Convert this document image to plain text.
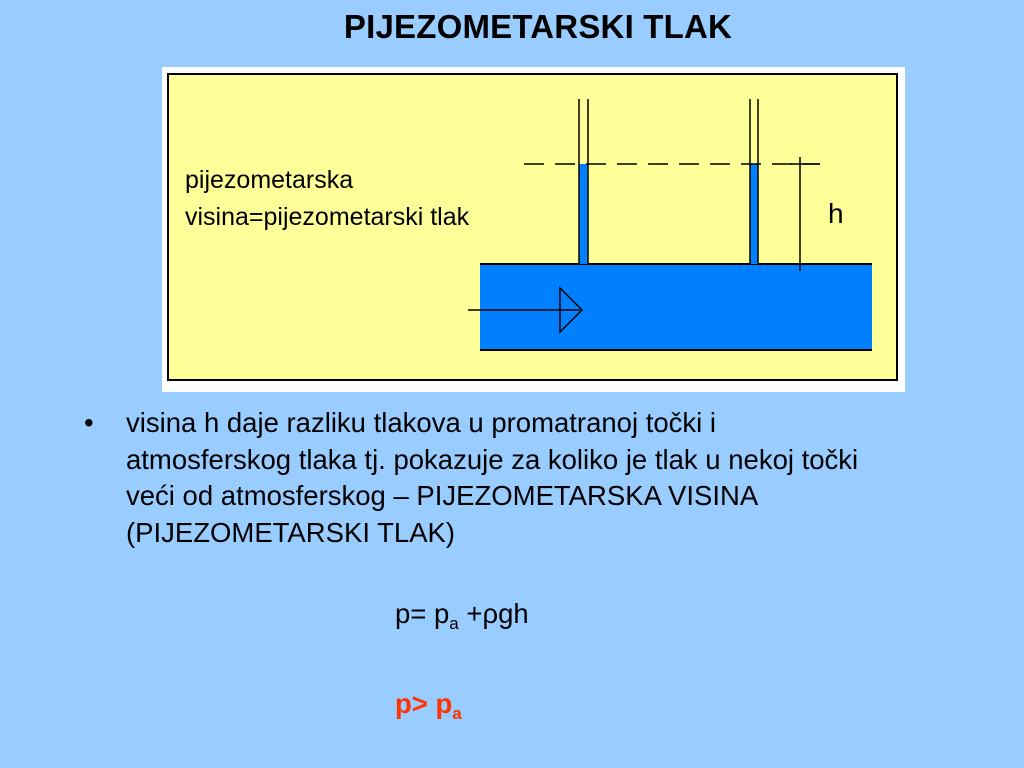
PIJEZOMETARSKI TLAK
pijezometarska
visina=pijezometarski tlak	h
• visina h daje razliku tlakova u promatranoj točki i atmosferskog tlaka tj. pokazuje za koliko je tlak u nekoj točki veći od atmosferskog – PIJEZOMETARSKA VISINA (PIJEZOMETARSKI TLAK)
$p= p_a +\rho gh$
$p> p_a$
